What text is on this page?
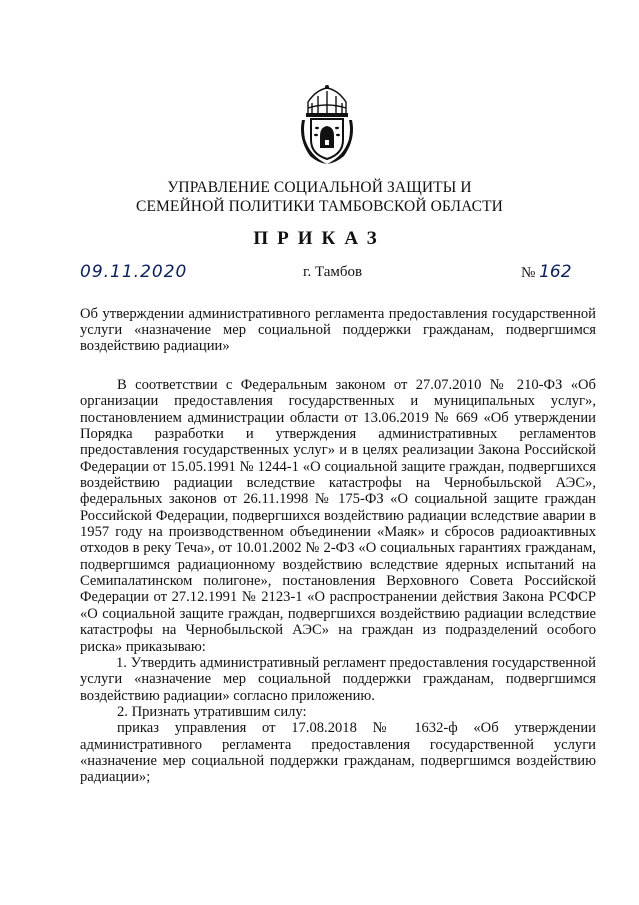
УПРАВЛЕНИЕ СОЦИАЛЬНОЙ ЗАЩИТЫ И
СЕМЕЙНОЙ ПОЛИТИКИ ТАМБОВСКОЙ ОБЛАСТИ
ПРИКАЗ
09.11.2020	г. Тамбов	№ 162
Об утверждении административного регламента предоставления государственной услуги «назначение мер социальной поддержки гражданам, подвергшимся воздействию радиации»

В соответствии с Федеральным законом от 27.07.2010 № 210-ФЗ «Об организации предоставления государственных и муниципальных услуг», постановлением администрации области от 13.06.2019 № 669 «Об утверждении Порядка разработки и утверждения административных регламентов предоставления государственных услуг» и в целях реализации Закона Российской Федерации от 15.05.1991 № 1244-1 «О социальной защите граждан, подвергшихся воздействию радиации вследствие катастрофы на Чернобыльской АЭС», федеральных законов от 26.11.1998 № 175-ФЗ «О социальной защите граждан Российской Федерации, подвергшихся воздействию радиации вследствие аварии в 1957 году на производственном объединении «Маяк» и сбросов радиоактивных отходов в реку Теча», от 10.01.2002 № 2-ФЗ «О социальных гарантиях гражданам, подвергшимся радиационному воздействию вследствие ядерных испытаний на Семипалатинском полигоне», постановления Верховного Совета Российской Федерации от 27.12.1991 № 2123-1 «О распространении действия Закона РСФСР «О социальной защите граждан, подвергшихся воздействию радиации вследствие катастрофы на Чернобыльской АЭС» на граждан из подразделений особого риска» приказываю:

1. Утвердить административный регламент предоставления государственной услуги «назначение мер социальной поддержки гражданам, подвергшимся воздействию радиации» согласно приложению.

2. Признать утратившим силу:

приказ управления от 17.08.2018 № 1632-ф «Об утверждении административного регламента предоставления государственной услуги «назначение мер социальной поддержки гражданам, подвергшимся воздействию радиации»;
